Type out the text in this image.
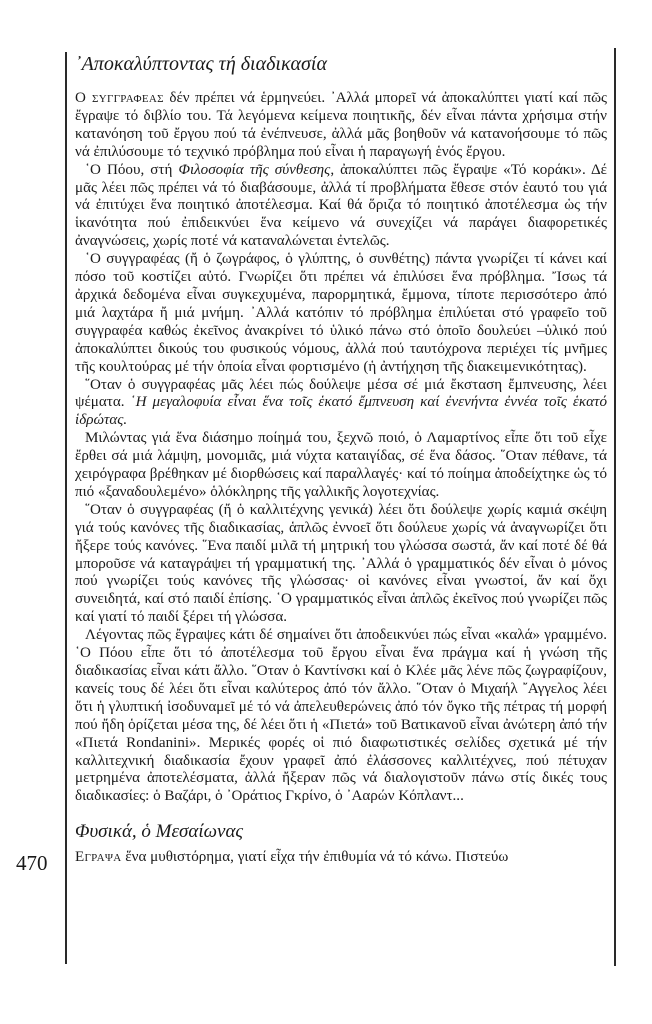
470
᾿Αποκαλύπτοντας τή διαδικασία

Ο συγγραφεας δέν πρέπει νά ἑρμηνεύει. ᾿Αλλά μπορεῖ νά ἀποκαλύπτει γιατί καί πῶς ἔγραψε τό διβλίο του. Τά λεγόμενα κείμενα ποιητικῆς, δέν εἶναι πάντα χρήσιμα στήν κατανόηση τοῦ ἔργου πού τά ἐνέπνευσε, ἀλλά μᾶς βοηθοῦν νά κατανοήσουμε τό πῶς νά ἐπιλύσουμε τό τεχνικό πρόβλημα πού εἶναι ἡ παραγωγή ἑνός ἔργου.

῾Ο Πόου, στή Φιλοσοφία τῆς σύνθεσης, ἀποκαλύπτει πῶς ἔγραψε «Τό κοράκι». Δέ μᾶς λέει πῶς πρέπει νά τό διαβάσουμε, ἀλλά τί προβλήματα ἔθεσε στόν ἑαυτό του γιά νά ἐπιτύχει ἕνα ποιητικό ἀποτέλεσμα. Καί θά ὅριζα τό ποιητικό ἀποτέλεσμα ὡς τήν ἱκανότητα πού ἐπιδεικνύει ἕνα κείμενο νά συνεχίζει νά παράγει διαφορετικές ἀναγνώσεις, χωρίς ποτέ νά καταναλώνεται ἐντελῶς.

῾Ο συγγραφέας (ἤ ὁ ζωγράφος, ὁ γλύπτης, ὁ συνθέτης) πάντα γνωρίζει τί κάνει καί πόσο τοῦ κοστίζει αὐτό. Γνωρίζει ὅτι πρέπει νά ἐπιλύσει ἕνα πρόβλημα. Ἴσως τά ἀρχικά δεδομένα εἶναι συγκεχυμένα, παρορμητικά, ἔμμονα, τίποτε περισσότερο ἀπό μιά λαχτάρα ἤ μιά μνήμη. ᾿Αλλά κατόπιν τό πρόβλημα ἐπιλύεται στό γραφεῖο τοῦ συγγραφέα καθώς ἐκεῖνος ἀνακρίνει τό ὑλικό πάνω στό ὁποῖο δουλεύει –ὑλικό πού ἀποκαλύπτει δικούς του φυσικούς νόμους, ἀλλά πού ταυτόχρονα περιέχει τίς μνῆμες τῆς κουλτούρας μέ τήν ὁποία εἶναι φορτισμένο (ἡ ἀντήχηση τῆς διακειμενικότητας).

῞Οταν ὁ συγγραφέας μᾶς λέει πώς δούλεψε μέσα σέ μιά ἔκσταση ἔμπνευσης, λέει ψέματα. ῾Η μεγαλοφυία εἶναι ἕνα τοῖς ἑκατό ἔμπνευση καί ἐνενήντα ἐννέα τοῖς ἑκατό ἱδρώτας.

Μιλώντας γιά ἕνα διάσημο ποίημά του, ξεχνῶ ποιό, ὁ Λαμαρτίνος εἶπε ὅτι τοῦ εἶχε ἔρθει σά μιά λάμψη, μονομιᾶς, μιά νύχτα καταιγίδας, σέ ἕνα δάσος. ῞Οταν πέθανε, τά χειρόγραφα βρέθηκαν μέ διορθώσεις καί παραλλαγές· καί τό ποίημα ἀποδείχτηκε ὡς τό πιό «ξαναδουλεμένο» ὁλόκληρης τῆς γαλλικῆς λογοτεχνίας.

῞Οταν ὁ συγγραφέας (ἤ ὁ καλλιτέχνης γενικά) λέει ὅτι δούλεψε χωρίς καμιά σκέψη γιά τούς κανόνες τῆς διαδικασίας, ἁπλῶς ἐννοεῖ ὅτι δούλευε χωρίς νά ἀναγνωρίζει ὅτι ἤξερε τούς κανόνες. ῞Ενα παιδί μιλᾶ τή μητρική του γλώσσα σωστά, ἄν καί ποτέ δέ θά μποροῦσε νά καταγράψει τή γραμματική της. ᾿Αλλά ὁ γραμματικός δέν εἶναι ὁ μόνος πού γνωρίζει τούς κανόνες τῆς γλώσσας· οἱ κανόνες εἶναι γνωστοί, ἄν καί ὄχι συνειδητά, καί στό παιδί ἐπίσης. ῾Ο γραμματικός εἶναι ἁπλῶς ἐκεῖνος πού γνωρίζει πῶς καί γιατί τό παιδί ξέρει τή γλώσσα.

Λέγοντας πῶς ἔγραψες κάτι δέ σημαίνει ὅτι ἀποδεικνύει πώς εἶναι «καλά» γραμμένο. ῾Ο Πόου εἶπε ὅτι τό ἀποτέλεσμα τοῦ ἔργου εἶναι ἕνα πράγμα καί ἡ γνώση τῆς διαδικασίας εἶναι κάτι ἄλλο. ῞Οταν ὁ Καντίνσκι καί ὁ Κλέε μᾶς λένε πῶς ζωγραφίζουν, κανείς τους δέ λέει ὅτι εἶναι καλύτερος ἀπό τόν ἄλλο. ῞Οταν ὁ Μιχαήλ ῎Αγγελος λέει ὅτι ἡ γλυπτική ἰσοδυναμεῖ μέ τό νά ἀπελευθερώνεις ἀπό τόν ὄγκο τῆς πέτρας τή μορφή πού ἤδη ὁρίζεται μέσα της, δέ λέει ὅτι ἡ «Πιετά» τοῦ Βατικανοῦ εἶναι ἀνώτερη ἀπό τήν «Πιετά Rondanini». Μερικές φορές οἱ πιό διαφωτιστικές σελίδες σχετικά μέ τήν καλλιτεχνική διαδικασία ἔχουν γραφεῖ ἀπό ἐλάσσονες καλλιτέχνες, πού πέτυχαν μετρημένα ἀποτελέσματα, ἀλλά ἤξεραν πῶς νά διαλογιστοῦν πάνω στίς δικές τους διαδικασίες: ὁ Βαζάρι, ὁ ᾿Οράτιος Γκρίνο, ὁ ᾿Ααρών Κόπλαντ...

Φυσικά, ὁ Μεσαίωνας

Εγραψα ἕνα μυθιστόρημα, γιατί εἶχα τήν ἐπιθυμία νά τό κάνω. Πιστεύω
